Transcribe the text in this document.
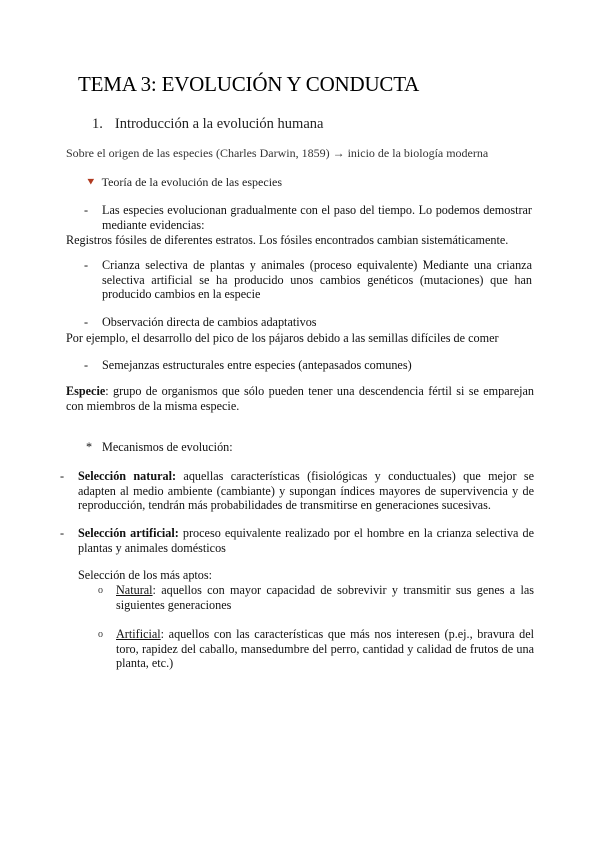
TEMA 3: EVOLUCIÓN Y CONDUCTA
1. Introducción a la evolución humana
Sobre el origen de las especies (Charles Darwin, 1859) → inicio de la biología moderna
⯆ Teoría de la evolución de las especies
- Las especies evolucionan gradualmente con el paso del tiempo. Lo podemos demostrar mediante evidencias:
Registros fósiles de diferentes estratos. Los fósiles encontrados cambian sistemáticamente.
- Crianza selectiva de plantas y animales (proceso equivalente) Mediante una crianza selectiva artificial se ha producido unos cambios genéticos (mutaciones) que han producido cambios en la especie
- Observación directa de cambios adaptativos
Por ejemplo, el desarrollo del pico de los pájaros debido a las semillas difíciles de comer
- Semejanzas estructurales entre especies (antepasados comunes)
Especie: grupo de organismos que sólo pueden tener una descendencia fértil si se emparejan con miembros de la misma especie.
* Mecanismos de evolución:
- Selección natural: aquellas características (fisiológicas y conductuales) que mejor se adapten al medio ambiente (cambiante) y supongan índices mayores de supervivencia y de reproducción, tendrán más probabilidades de transmitirse en generaciones sucesivas.
- Selección artificial: proceso equivalente realizado por el hombre en la crianza selectiva de plantas y animales domésticos
Selección de los más aptos:
o Natural: aquellos con mayor capacidad de sobrevivir y transmitir sus genes a las siguientes generaciones
o Artificial: aquellos con las características que más nos interesen (p.ej., bravura del toro, rapidez del caballo, mansedumbre del perro, cantidad y calidad de frutos de una planta, etc.)
